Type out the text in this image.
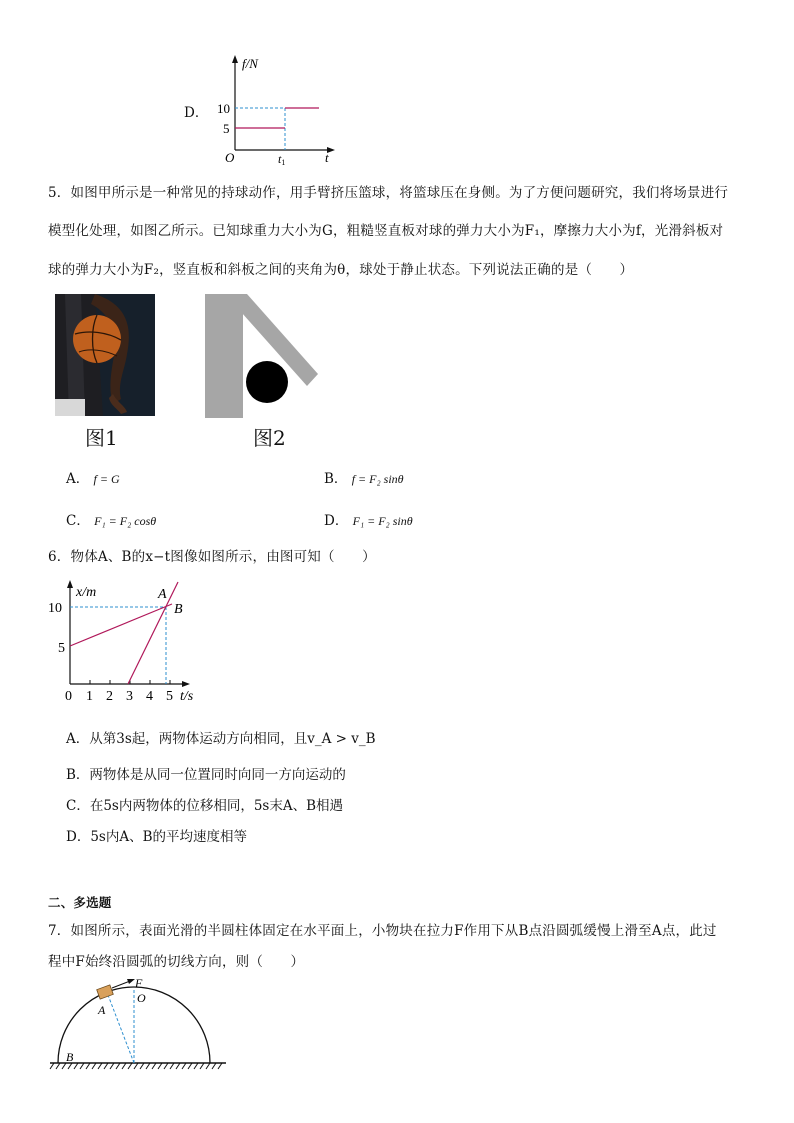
D．
f/N
10
5
O	t1	t
5．如图甲所示是一种常见的持球动作，用手臂挤压篮球，将篮球压在身侧。为了方便问题研究，我们将场景进行
模型化处理，如图乙所示。已知球重力大小为G，粗糙竖直板对球的弹力大小为F₁，摩擦力大小为f，光滑斜板对
球的弹力大小为F₂，竖直板和斜板之间的夹角为θ，球处于静止状态。下列说法正确的是（　　）
图1	图2
A． f = G	B． f = F₂ sinθ
C． F₁ = F₂ cosθ	D． F₁ = F₂ sinθ
6．物体A、B的x−t图像如图所示，由图可知（　　）
x/m
10
5
A
B
0 1 2 3 4 5 t/s
A．从第3s起，两物体运动方向相同，且v_A > v_B
B．两物体是从同一位置同时向同一方向运动的
C．在5s内两物体的位移相同，5s末A、B相遇
D．5s内A、B的平均速度相等
二、多选题
7．如图所示，表面光滑的半圆柱体固定在水平面上，小物块在拉力F作用下从B点沿圆弧缓慢上滑至A点，此过
程中F始终沿圆弧的切线方向，则（　　）
F
O
A
B
